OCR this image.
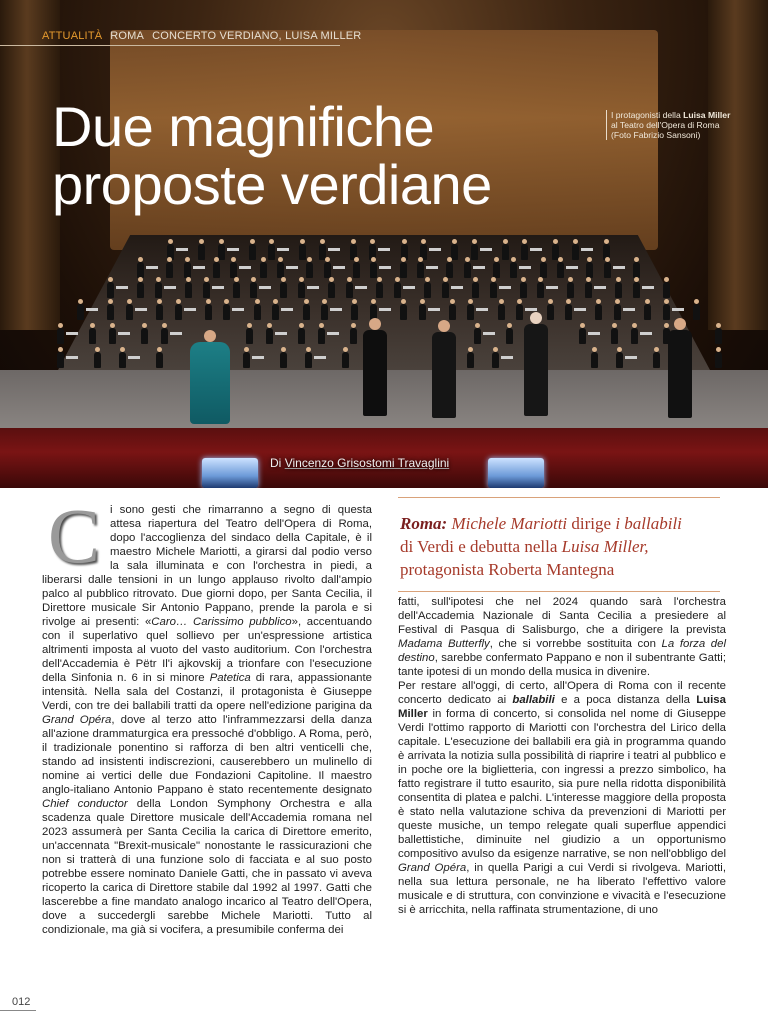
ATTUALITÀ ROMA CONCERTO VERDIANO, LUISA MILLER
Due magnifiche
proposte verdiane
I protagonisti della Luisa Miller al Teatro dell'Opera di Roma (Foto Fabrizio Sansoni)
Di Vincenzo Grisostomi Travaglini

Ci sono gesti che rimarranno a segno di questa attesa riapertura del Teatro dell'Opera di Roma, dopo l'accoglienza del sindaco della Capitale, è il maestro Michele Mariotti, a girarsi dal podio verso la sala illuminata e con l'orchestra in piedi, a liberarsi dalle tensioni in un lungo applauso rivolto dall'ampio palco al pubblico ritrovato. Due giorni dopo, per Santa Cecilia, il Direttore musicale Sir Antonio Pappano, prende la parola e si rivolge ai presenti: «Caro… Carissimo pubblico», accentuando con il superlativo quel sollievo per un'espressione artistica altrimenti imposta al vuoto del vasto auditorium. Con l'orchestra dell'Accademia è Pëtr Il'i ajkovskij a trionfare con l'esecuzione della Sinfonia n. 6 in si minore Patetica di rara, appassionante intensità. Nella sala del Costanzi, il protagonista è Giuseppe Verdi, con tre dei ballabili tratti da opere nell'edizione parigina da Grand Opéra, dove al terzo atto l'inframmezzarsi della danza all'azione drammaturgica era pressoché d'obbligo. A Roma, però, il tradizionale ponentino si rafforza di ben altri venticelli che, stando ad insistenti indiscrezioni, causerebbero un mulinello di nomine ai vertici delle due Fondazioni Capitoline. Il maestro anglo-italiano Antonio Pappano è stato recentemente designato Chief conductor della London Symphony Orchestra e alla scadenza quale Direttore musicale dell'Accademia romana nel 2023 assumerà per Santa Cecilia la carica di Direttore emerito, un'accennata "Brexit-musicale" nonostante le rassicurazioni che non si tratterà di una funzione solo di facciata e al suo posto potrebbe essere nominato Daniele Gatti, che in passato vi aveva ricoperto la carica di Direttore stabile dal 1992 al 1997. Gatti che lascerebbe a fine mandato analogo incarico al Teatro dell'Opera, dove a succedergli sarebbe Michele Mariotti. Tutto al condizionale, ma già si vocifera, a presumibile conferma dei

Roma: Michele Mariotti dirige i ballabili
di Verdi e debutta nella Luisa Miller,
protagonista Roberta Mantegna

fatti, sull'ipotesi che nel 2024 quando sarà l'orchestra dell'Accademia Nazionale di Santa Cecilia a presiedere al Festival di Pasqua di Salisburgo, che a dirigere la prevista Madama Butterfly, che si vorrebbe sostituita con La forza del destino, sarebbe confermato Pappano e non il subentrante Gatti; tante ipotesi di un mondo della musica in divenire.

Per restare all'oggi, di certo, all'Opera di Roma con il recente concerto dedicato ai ballabili e a poca distanza della Luisa Miller in forma di concerto, si consolida nel nome di Giuseppe Verdi l'ottimo rapporto di Mariotti con l'orchestra del Lirico della capitale. L'esecuzione dei ballabili era già in programma quando è arrivata la notizia sulla possibilità di riaprire i teatri al pubblico e in poche ore la biglietteria, con ingressi a prezzo simbolico, ha fatto registrare il tutto esaurito, sia pure nella ridotta disponibilità consentita di platea e palchi. L'interesse maggiore della proposta è stato nella valutazione schiva da prevenzioni di Mariotti per queste musiche, un tempo relegate quali superflue appendici ballettistiche, diminuite nel giudizio a un opportunismo compositivo avulso da esigenze narrative, se non nell'obbligo del Grand Opéra, in quella Parigi a cui Verdi si rivolgeva. Mariotti, nella sua lettura personale, ne ha liberato l'effettivo valore musicale e di struttura, con convinzione e vivacità e l'esecuzione si è arricchita, nella raffinata strumentazione, di uno

012
